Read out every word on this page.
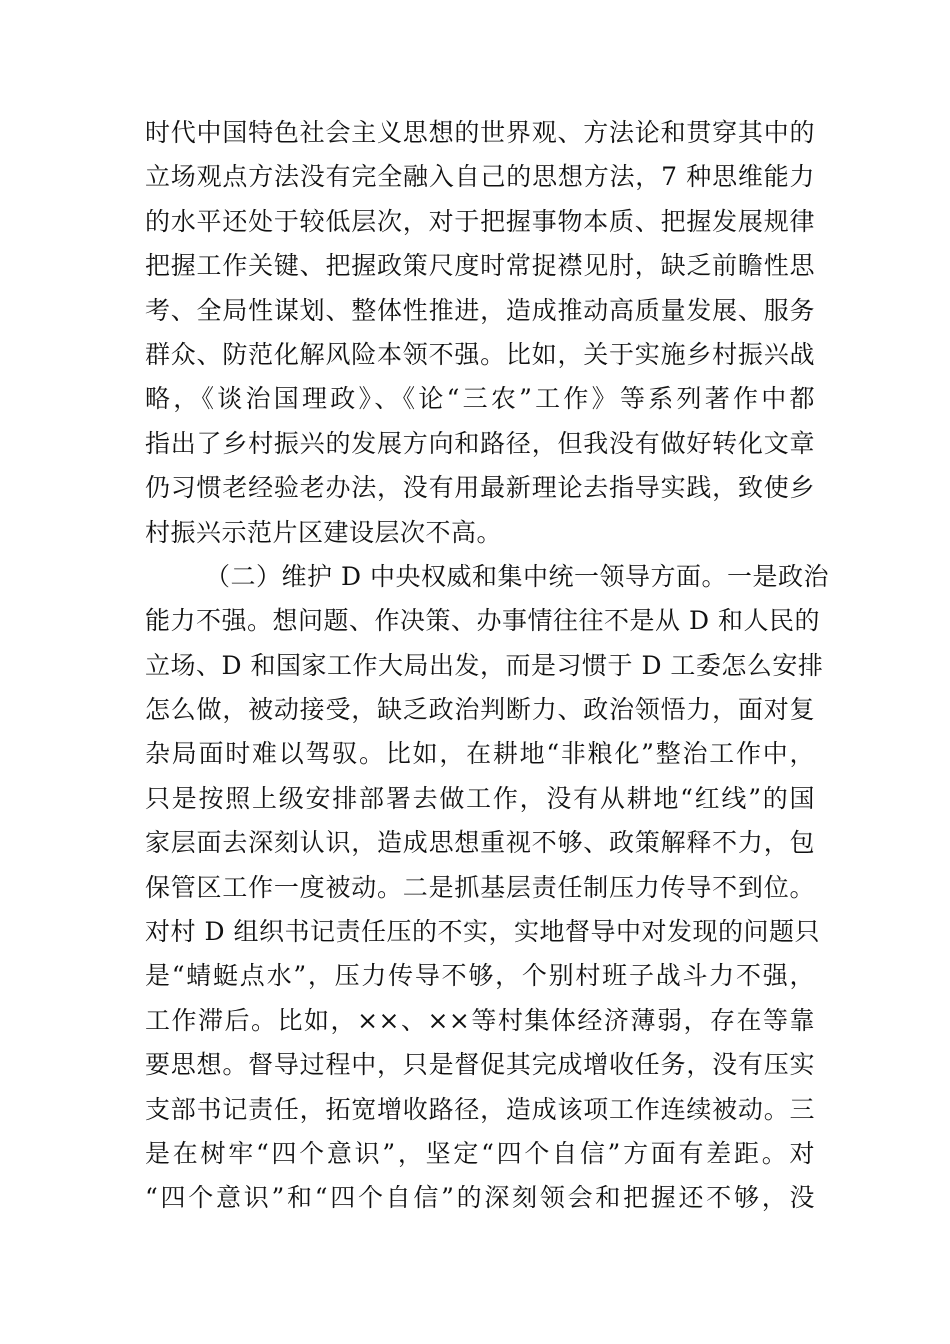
时代中国特色社会主义思想的世界观、方法论和贯穿其中的
立场观点方法没有完全融入自己的思想方法，7 种思维能力
的水平还处于较低层次，对于把握事物本质、把握发展规律
把握工作关键、把握政策尺度时常捉襟见肘，缺乏前瞻性思
考、全局性谋划、整体性推进，造成推动高质量发展、服务
群众、防范化解风险本领不强。比如，关于实施乡村振兴战
略，《谈治国理政》、《论“三农”工作》等系列著作中都
指出了乡村振兴的发展方向和路径，但我没有做好转化文章
仍习惯老经验老办法，没有用最新理论去指导实践，致使乡
村振兴示范片区建设层次不高。
（二）维护 D 中央权威和集中统一领导方面。一是政治
能力不强。想问题、作决策、办事情往往不是从 D 和人民的
立场、D 和国家工作大局出发，而是习惯于 D 工委怎么安排
怎么做，被动接受，缺乏政治判断力、政治领悟力，面对复
杂局面时难以驾驭。比如，在耕地“非粮化”整治工作中，
只是按照上级安排部署去做工作，没有从耕地“红线”的国
家层面去深刻认识，造成思想重视不够、政策解释不力，包
保管区工作一度被动。二是抓基层责任制压力传导不到位。
对村 D 组织书记责任压的不实，实地督导中对发现的问题只
是“蜻蜓点水”，压力传导不够，个别村班子战斗力不强，
工作滞后。比如，××、××等村集体经济薄弱，存在等靠
要思想。督导过程中，只是督促其完成增收任务，没有压实
支部书记责任，拓宽增收路径，造成该项工作连续被动。三
是在树牢“四个意识”，坚定“四个自信”方面有差距。对
“四个意识”和“四个自信”的深刻领会和把握还不够，没
